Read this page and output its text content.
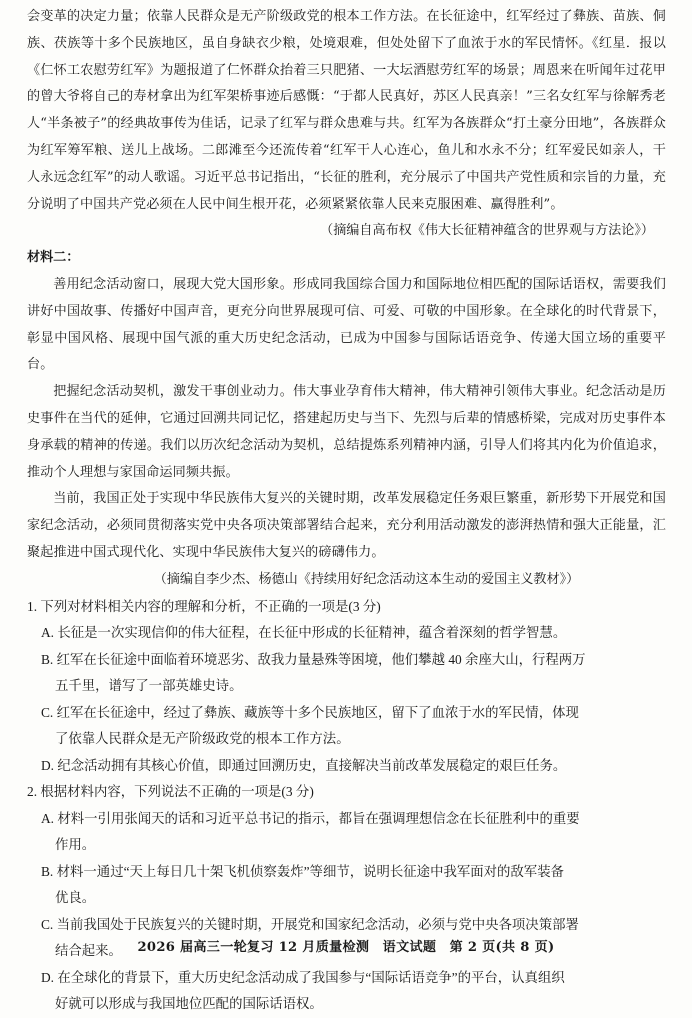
会变革的决定力量；依靠人民群众是无产阶级政党的根本工作方法。在长征途中，红军经过了彝族、苗族、侗族、茯族等十多个民族地区，虽自身缺衣少粮，处境艰难，但处处留下了血浓于水的军民情怀。《红星．报以《仁怀工农慰劳红军》为题报道了仁怀群众抬着三只肥猪、一大坛酒慰劳红军的场景；周恩来在听闻年过花甲的曾大爷将自己的寿材拿出为红军架桥事迹后感慨：“于都人民真好，苏区人民真亲！”三名女红军与徐解秀老人“半条被子”的经典故事传为佳话，记录了红军与群众患难与共。红军为各族群众“打土豪分田地”，各族群众为红军筹军粮、送儿上战场。二郎滩至今还流传着“红军干人心连心，鱼儿和水永不分；红军爱民如亲人，干人永远念红军”的动人歌谣。习近平总书记指出，“长征的胜利，充分展示了中国共产党性质和宗旨的力量，充分说明了中国共产党必须在人民中间生根开花，必须紧紧依靠人民来克服困难、赢得胜利”。

（摘编自高布权《伟大长征精神蕴含的世界观与方法论》）

材料二：

善用纪念活动窗口，展现大党大国形象。形成同我国综合国力和国际地位相匹配的国际话语权，需要我们讲好中国故事、传播好中国声音，更充分向世界展现可信、可爱、可敬的中国形象。在全球化的时代背景下，彰显中国风格、展现中国气派的重大历史纪念活动，已成为中国参与国际话语竞争、传递大国立场的重要平台。

把握纪念活动契机，激发干事创业动力。伟大事业孕育伟大精神，伟大精神引领伟大事业。纪念活动是历史事件在当代的延伸，它通过回溯共同记忆，搭建起历史与当下、先烈与后辈的情感桥梁，完成对历史事件本身承载的精神的传递。我们以历次纪念活动为契机，总结提炼系列精神内涵，引导人们将其内化为价值追求，推动个人理想与家国命运同频共振。

当前，我国正处于实现中华民族伟大复兴的关键时期，改革发展稳定任务艰巨繁重，新形势下开展党和国家纪念活动，必须同贯彻落实党中央各项决策部署结合起来，充分利用活动激发的澎湃热情和强大正能量，汇聚起推进中国式现代化、实现中华民族伟大复兴的磅礴伟力。

（摘编自李少杰、杨德山《持续用好纪念活动这本生动的爱国主义教材》）

1. 下列对材料相关内容的理解和分析，不正确的一项是(3 分)

A. 长征是一次实现信仰的伟大征程，在长征中形成的长征精神，蕴含着深刻的哲学智慧。

B. 红军在长征途中面临着环境恶劣、敌我力量悬殊等困境，他们攀越 40 余座大山，行程两万
五千里，谱写了一部英雄史诗。

C. 红军在长征途中，经过了彝族、藏族等十多个民族地区，留下了血浓于水的军民情，体现
了依靠人民群众是无产阶级政党的根本工作方法。

D. 纪念活动拥有其核心价值，即通过回溯历史，直接解决当前改革发展稳定的艰巨任务。

2. 根据材料内容，下列说法不正确的一项是(3 分)

A. 材料一引用张闻天的话和习近平总书记的指示，都旨在强调理想信念在长征胜利中的重要
作用。

B. 材料一通过“天上每日几十架飞机侦察轰炸”等细节，说明长征途中我军面对的敌军装备
优良。

C. 当前我国处于民族复兴的关键时期，开展党和国家纪念活动，必须与党中央各项决策部署
结合起来。

D. 在全球化的背景下，重大历史纪念活动成了我国参与“国际话语竞争”的平台，认真组织
好就可以形成与我国地位匹配的国际话语权。

2026 届高三一轮复习 12 月质量检测　语文试题　第 2 页(共 8 页)
